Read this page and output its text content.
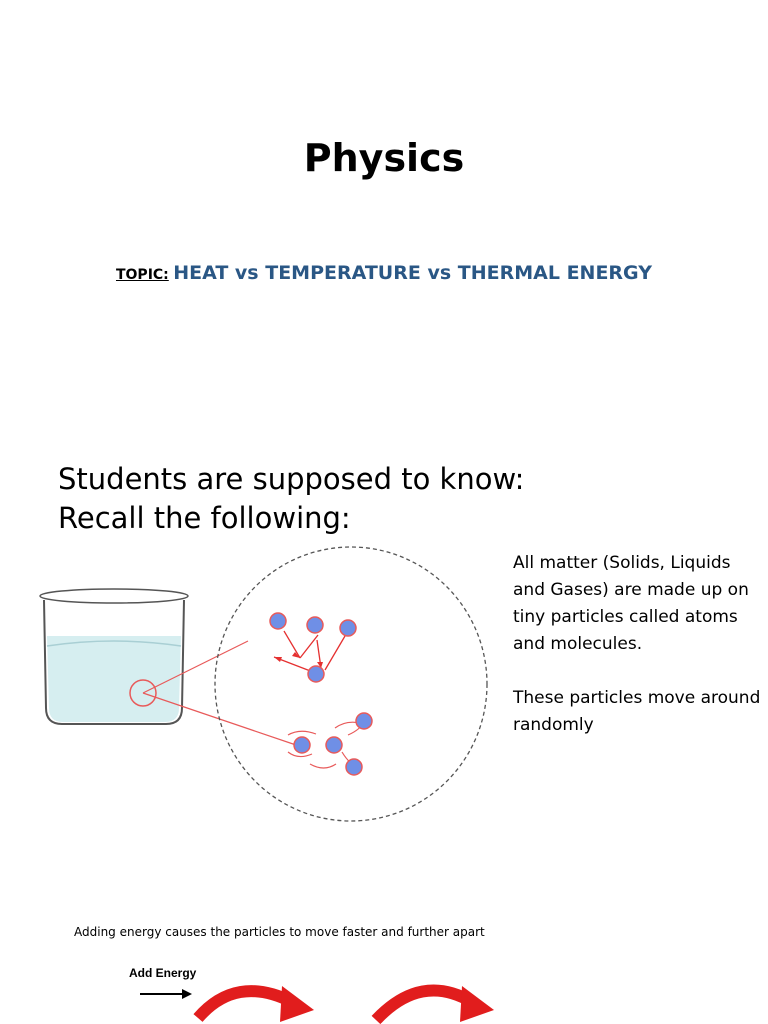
Physics
TOPIC: HEAT vs TEMPERATURE vs THERMAL ENERGY
Students are supposed to know:
Recall the following:

All matter (Solids, Liquids and Gases) are made up on tiny particles called atoms and molecules.

These particles move around randomly

Adding energy causes the particles to move faster and further apart
Add Energy
